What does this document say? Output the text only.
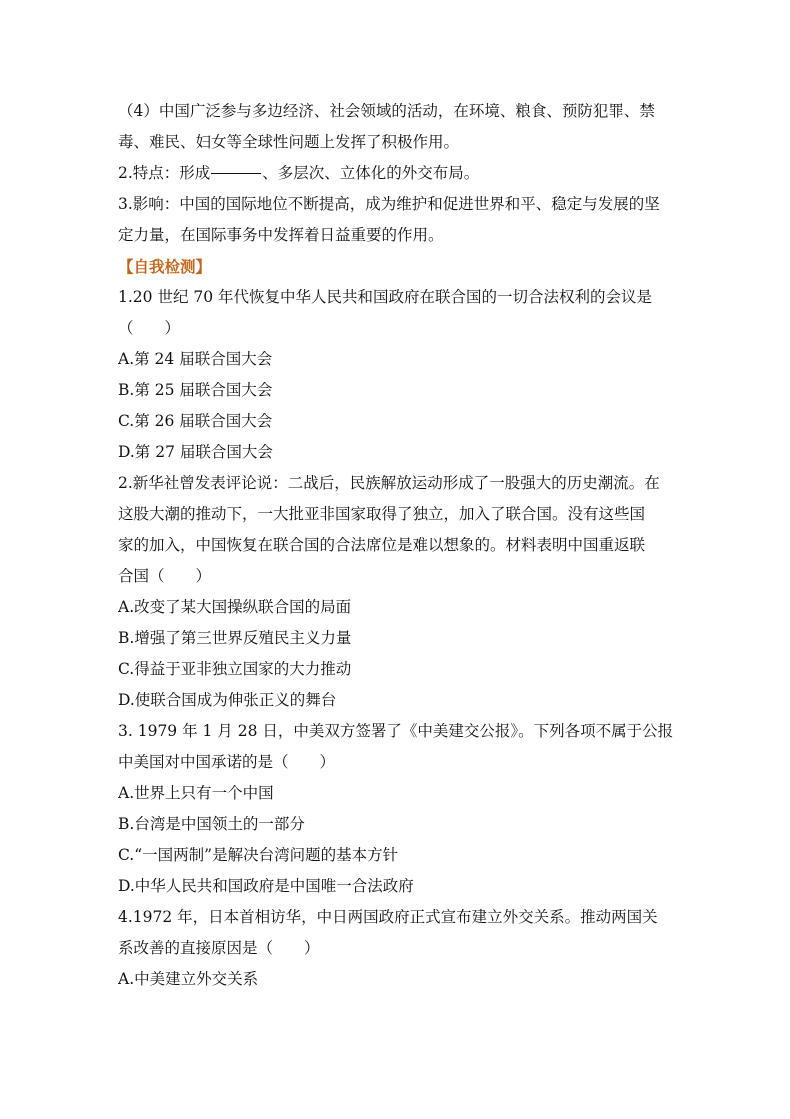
（4）中国广泛参与多边经济、社会领域的活动，在环境、粮食、预防犯罪、禁
毒、难民、妇女等全球性问题上发挥了积极作用。
2.特点：形成	、多层次、立体化的外交布局。
3.影响：中国的国际地位不断提高，成为维护和促进世界和平、稳定与发展的坚
定力量，在国际事务中发挥着日益重要的作用。
【自我检测】
1.20 世纪 70 年代恢复中华人民共和国政府在联合国的一切合法权利的会议是
（　　）
A.第 24 届联合国大会
B.第 25 届联合国大会
C.第 26 届联合国大会
D.第 27 届联合国大会
2.新华社曾发表评论说：二战后，民族解放运动形成了一股强大的历史潮流。在
这股大潮的推动下，一大批亚非国家取得了独立，加入了联合国。没有这些国
家的加入，中国恢复在联合国的合法席位是难以想象的。材料表明中国重返联
合国（　　）
A.改变了某大国操纵联合国的局面
B.增强了第三世界反殖民主义力量
C.得益于亚非独立国家的大力推动
D.使联合国成为伸张正义的舞台
3. 1979 年 1 月 28 日，中美双方签署了《中美建交公报》。下列各项不属于公报
中美国对中国承诺的是（　　）
A.世界上只有一个中国
B.台湾是中国领土的一部分
C.“一国两制”是解决台湾问题的基本方针
D.中华人民共和国政府是中国唯一合法政府
4.1972 年，日本首相访华，中日两国政府正式宣布建立外交关系。推动两国关
系改善的直接原因是（　　）
A.中美建立外交关系
